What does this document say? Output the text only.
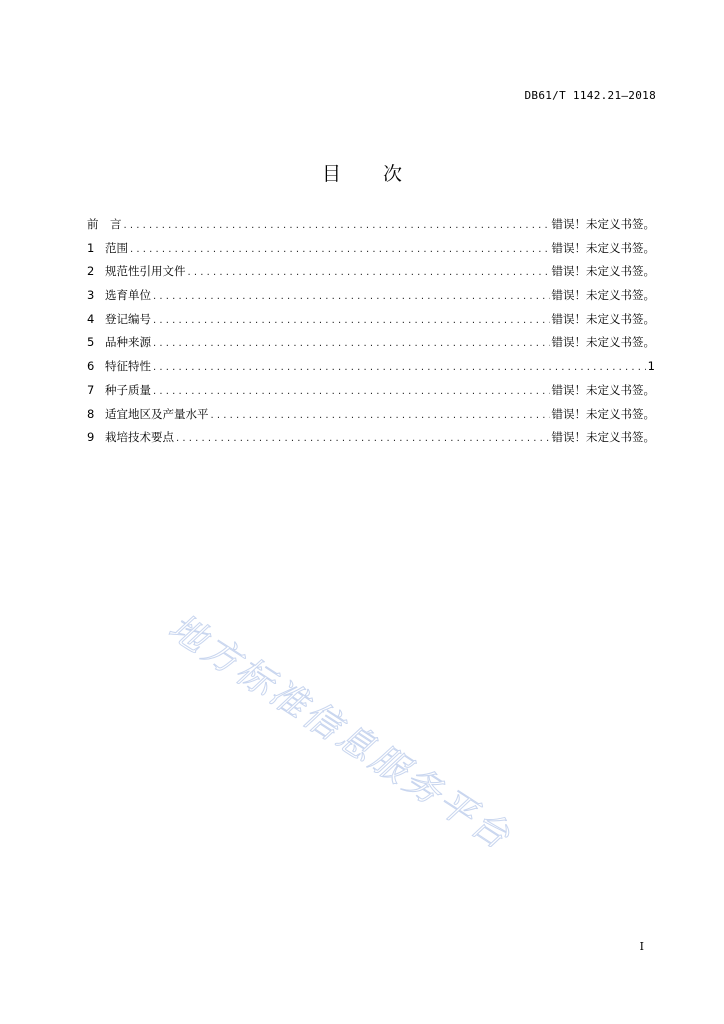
DB61/T 1142.21—2018
目 次
前　言 .....	错误！未定义书签。
1 范围 .....	错误！未定义书签。
2 规范性引用文件 .....	错误！未定义书签。
3 选育单位 .....	错误！未定义书签。
4 登记编号 .....	错误！未定义书签。
5 品种来源 .....	错误！未定义书签。
6 特征特性 .....	1
7 种子质量 .....	错误！未定义书签。
8 适宜地区及产量水平 .....	错误！未定义书签。
9 栽培技术要点 .....	错误！未定义书签。
地方标准信息服务平台
I
